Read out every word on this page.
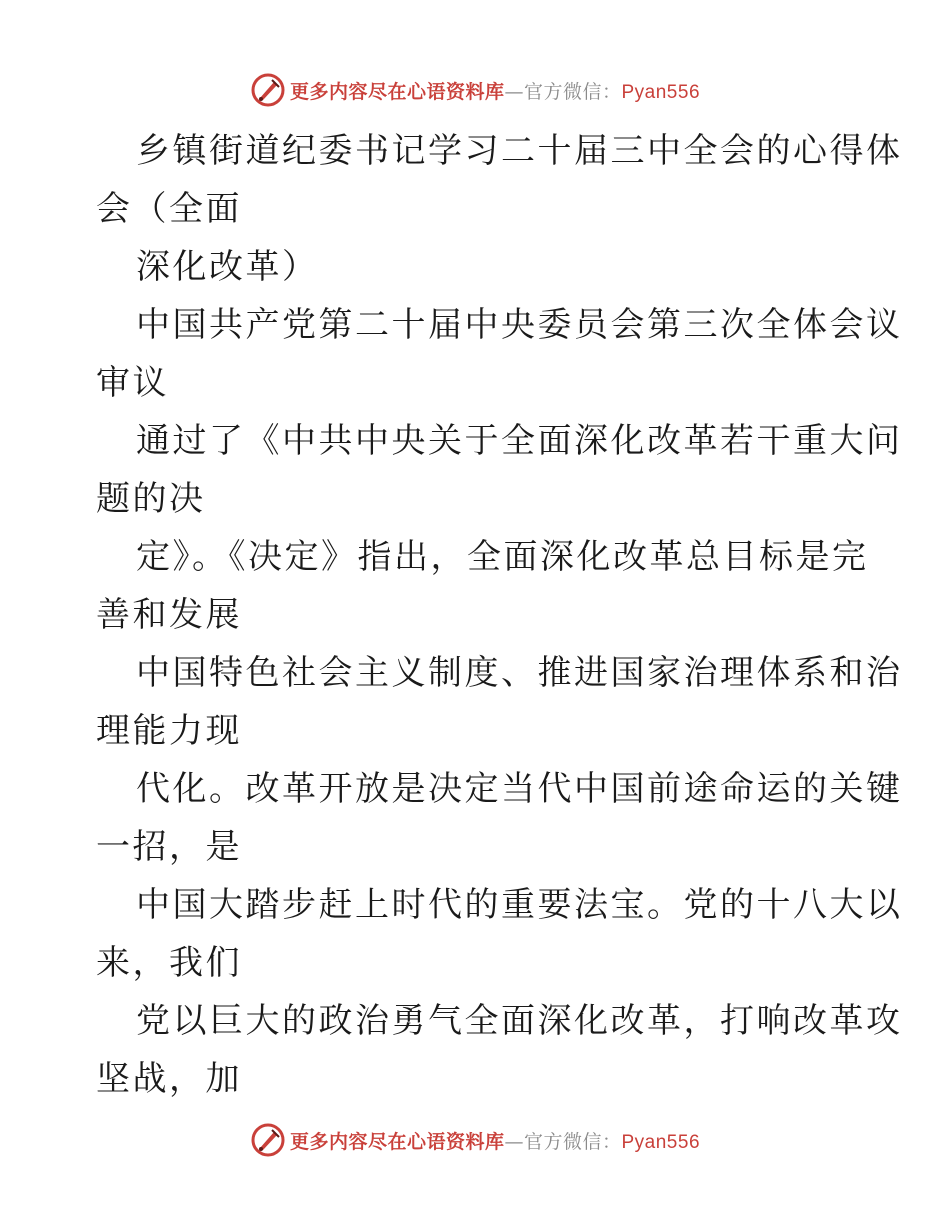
更多内容尽在心语资料库—官方微信：Pyan556
乡镇街道纪委书记学习二十届三中全会的心得体
会（全面
深化改革）
中国共产党第二十届中央委员会第三次全体会议
审议
通过了《中共中央关于全面深化改革若干重大问
题的决
定》。《决定》指出，全面深化改革总目标是完
善和发展
中国特色社会主义制度、推进国家治理体系和治
理能力现
代化。改革开放是决定当代中国前途命运的关键
一招，是
中国大踏步赶上时代的重要法宝。党的十八大以
来，我们
党以巨大的政治勇气全面深化改革，打响改革攻
坚战，加
更多内容尽在心语资料库—官方微信：Pyan556
